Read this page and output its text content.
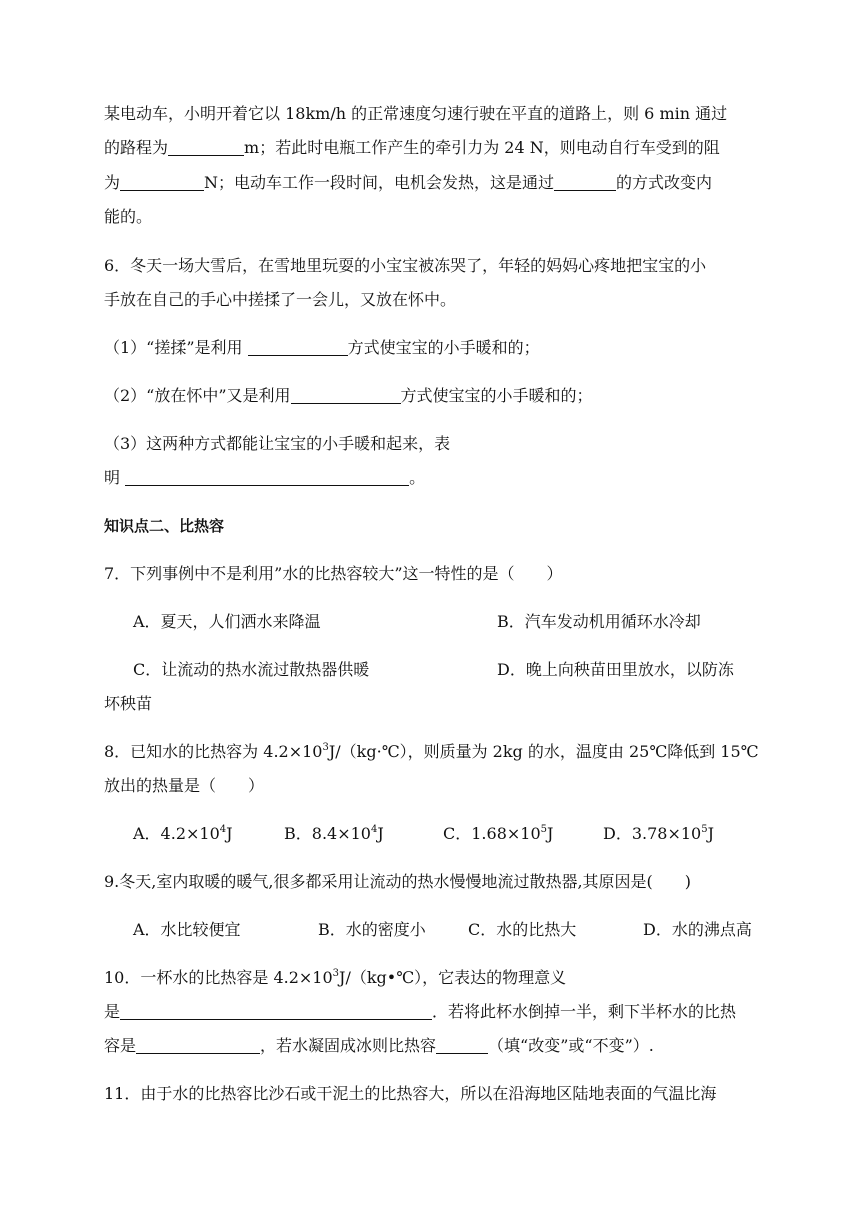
某电动车，小明开着它以 18km/h 的正常速度匀速行驶在平直的道路上，则 6 min 通过
的路程为	m；若此时电瓶工作产生的牵引力为 24 N，则电动自行车受到的阻
为	N；电动车工作一段时间，电机会发热，这是通过	的方式改变内
能的。
6．冬天一场大雪后，在雪地里玩耍的小宝宝被冻哭了，年轻的妈妈心疼地把宝宝的小
手放在自己的手心中搓揉了一会儿，又放在怀中。
（1）“搓揉”是利用	方式使宝宝的小手暖和的；
（2）“放在怀中”又是利用	方式使宝宝的小手暖和的；
（3）这两种方式都能让宝宝的小手暖和起来，表
明	。
知识点二、比热容
7．下列事例中不是利用”水的比热容较大”这一特性的是（　　）
A．夏天，人们洒水来降温	B．汽车发动机用循环水冷却
C．让流动的热水流过散热器供暖	D．晚上向秧苗田里放水，以防冻
坏秧苗
8．已知水的比热容为 $4.2\times 10^3J/(kg\cdot℃)$，则质量为 2kg 的水，温度由 25℃降低到 15℃
放出的热量是（　　）
A．$4.2\times 10^4J$	B．$8.4\times 10^4J$	C．$1.68\times 10^5J$	D．$3.78\times 10^5J$
9.冬天,室内取暖的暖气,很多都采用让流动的热水慢慢地流过散热器,其原因是(　　)
A．水比较便宜	B．水的密度小	C．水的比热大	D．水的沸点高
10．一杯水的比热容是 $4.2\times 10^3J/(kg•℃)$，它表达的物理意义
是	．若将此杯水倒掉一半，剩下半杯水的比热
容是	，若水凝固成冰则比热容	（填“改变”或“不变”）.
11．由于水的比热容比沙石或干泥土的比热容大，所以在沿海地区陆地表面的气温比海
